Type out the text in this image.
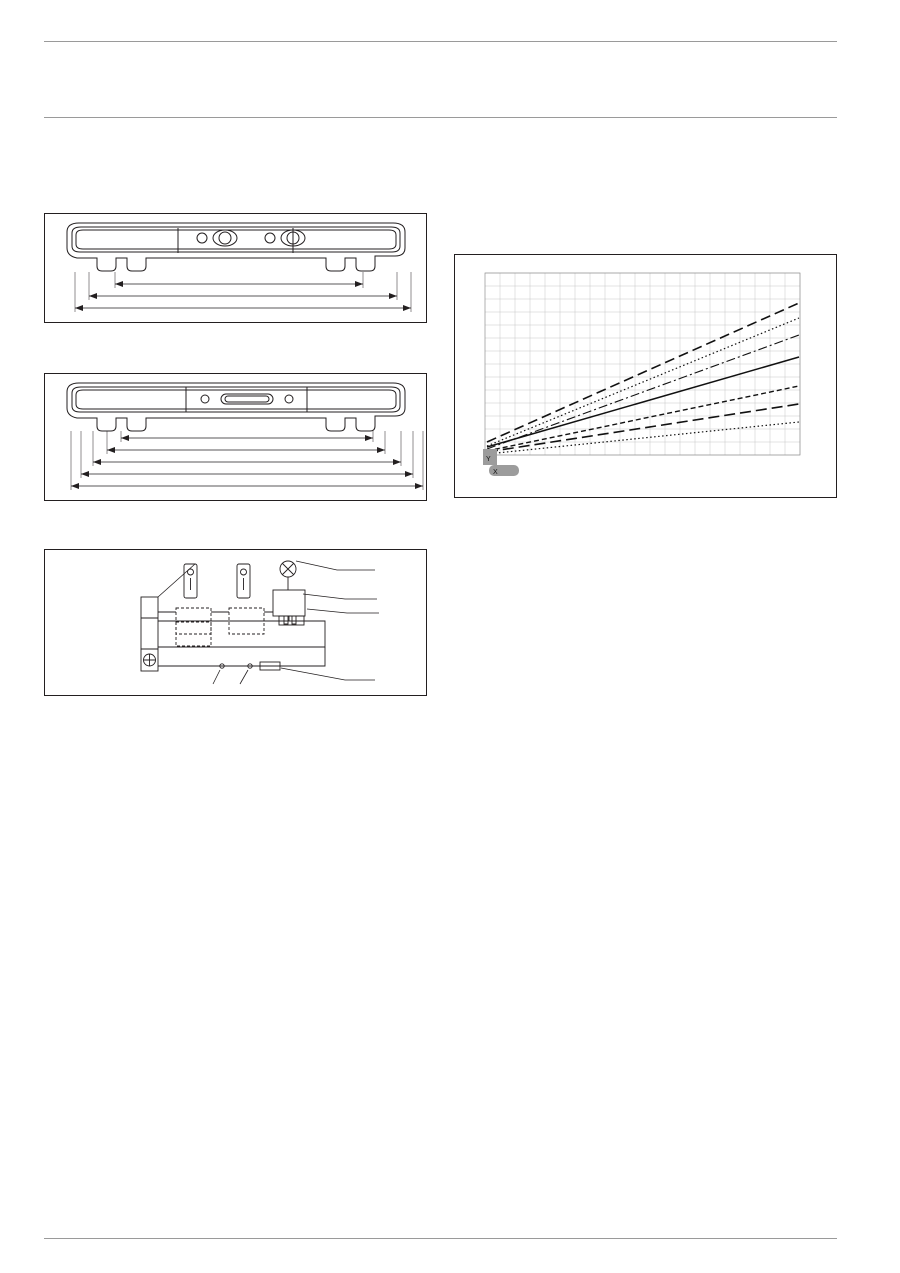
Y
X
